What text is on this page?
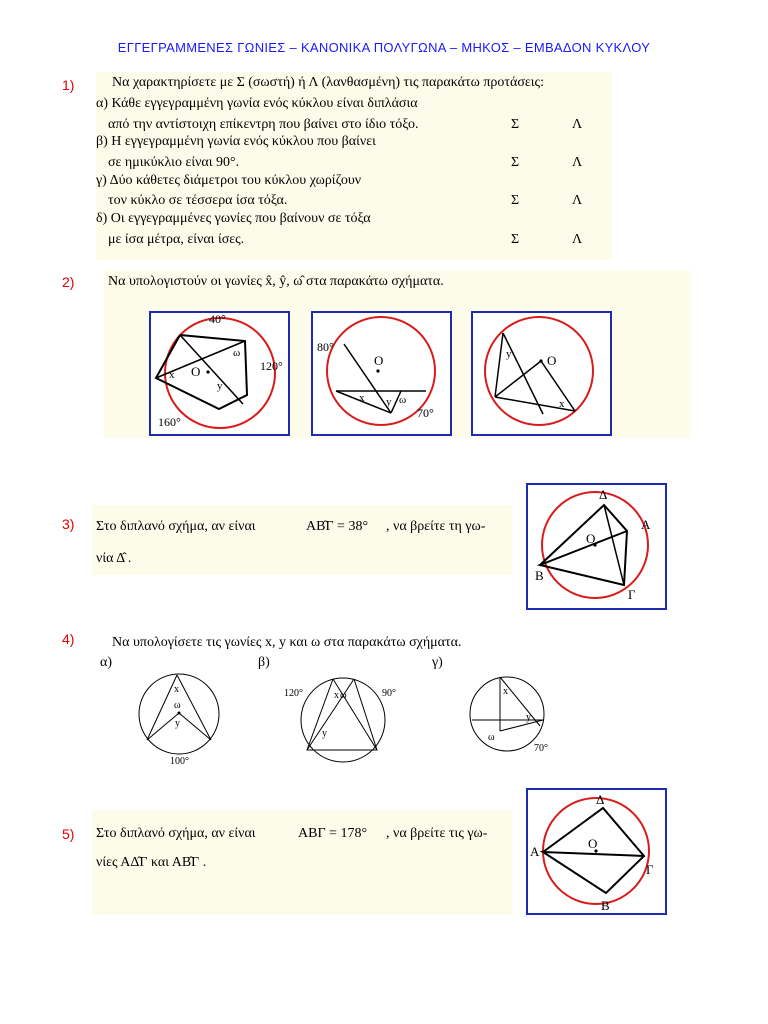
ΕΓΓΕΓΡΑΜΜΕΝΕΣ ΓΩΝΙΕΣ – ΚΑΝΟΝΙΚΑ ΠΟΛΥΓΩΝΑ – ΜΗΚΟΣ – ΕΜΒΑΔΟΝ ΚΥΚΛΟΥ
1)	Να χαρακτηρίσετε με Σ (σωστή) ή Λ (λανθασμένη) τις παρακάτω προτάσεις:
α) Κάθε εγγεγραμμένη γωνία ενός κύκλου είναι διπλάσια
από την αντίστοιχη επίκεντρη που βαίνει στο ίδιο τόξο.	Σ	Λ
β) Η εγγεγραμμένη γωνία ενός κύκλου που βαίνει
σε ημικύκλιο είναι 90°.	Σ	Λ
γ) Δύο κάθετες διάμετροι του κύκλου χωρίζουν
τον κύκλο σε τέσσερα ίσα τόξα.	Σ	Λ
δ) Οι εγγεγραμμένες γωνίες που βαίνουν σε τόξα
με ίσα μέτρα, είναι ίσες.	Σ	Λ
2) Να υπολογιστούν οι γωνίες x̂, ŷ, ω̂ στα παρακάτω σχήματα.
O
x
y
ω
40°
120°
160°
O
x y ω
80°
70°
O
y
x
3) Στο διπλανό σχήμα, αν είναι	ΑΒ̂Γ = 38° , να βρείτε τη γω-
νία Δ̂ .
Δ
Α
Ο
Β
Γ
4)	Να υπολογίσετε τις γωνίες x, y και ω στα παρακάτω σχήματα.
α)	β)	γ)
x
ω
y
100°
x ω
y
120°	90°	x
y
ω
70°
5) Στο διπλανό σχήμα, αν είναι	ΑΒΓ = 178° , να βρείτε τις γω-
νίες ΑΔ̂Γ και ΑΒ̂Γ .
Δ
Α
Ο
Γ
Β
